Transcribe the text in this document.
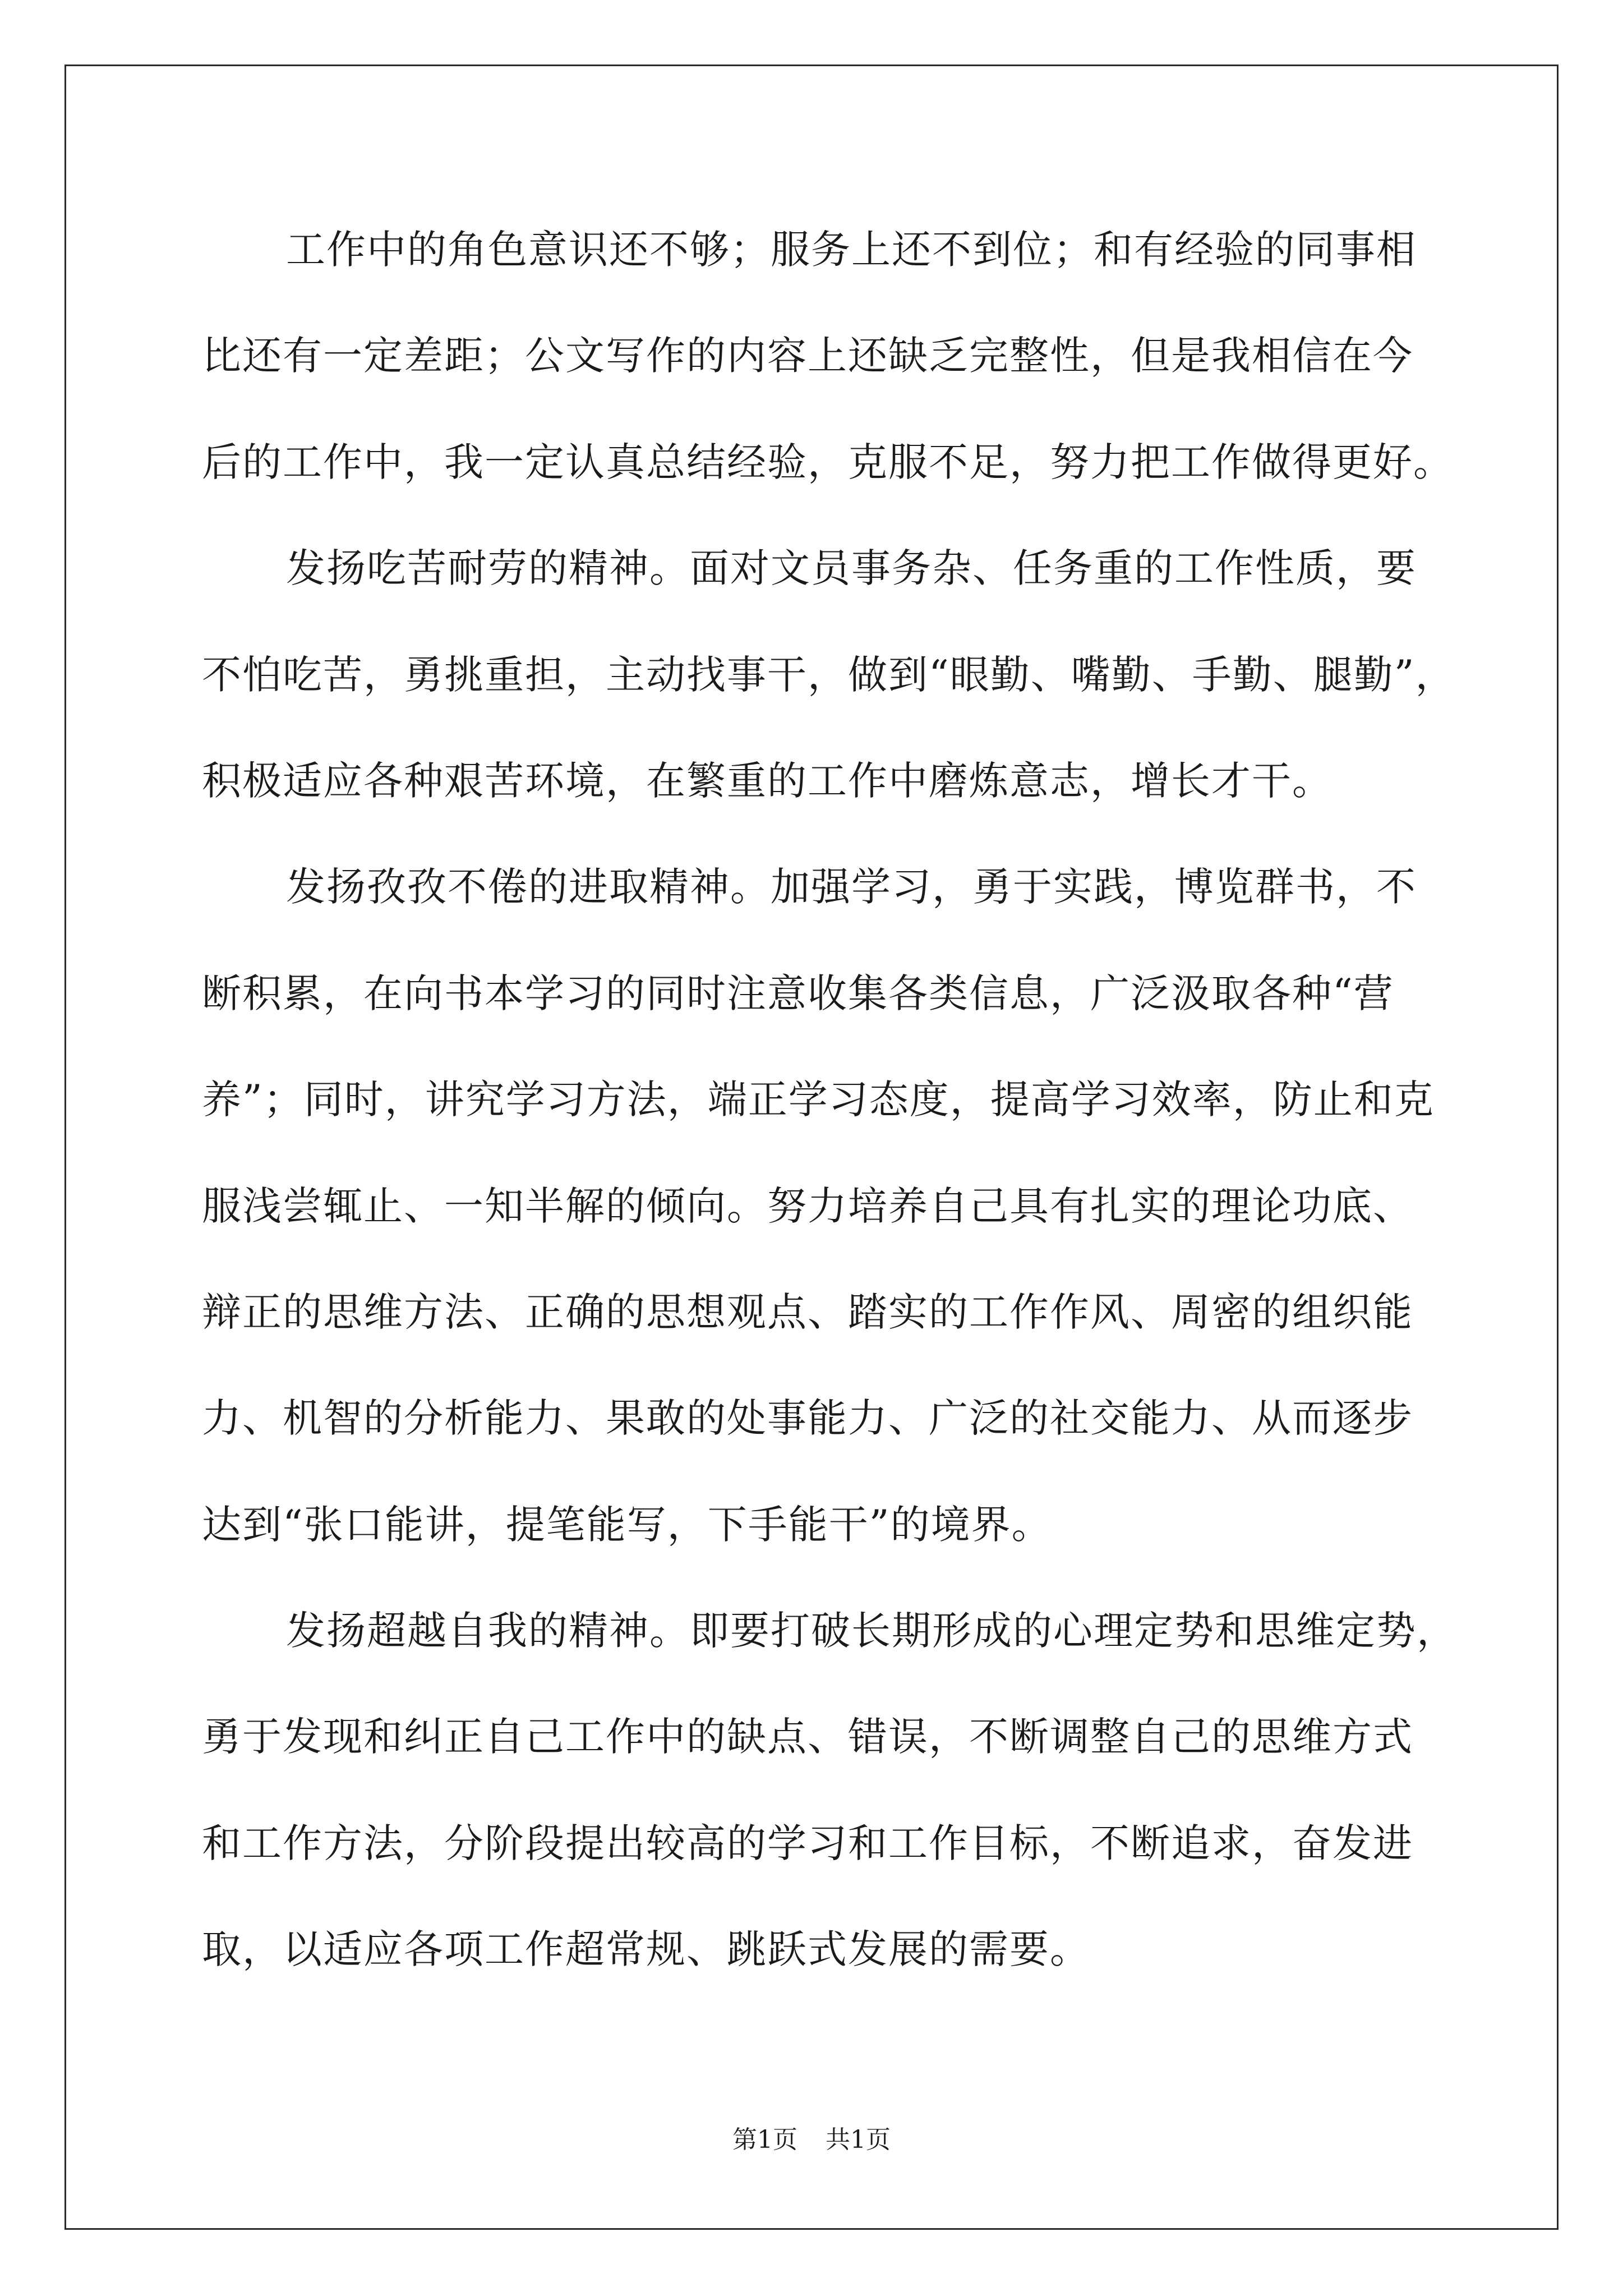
工作中的角色意识还不够；服务上还不到位；和有经验的同事相
比还有一定差距；公文写作的内容上还缺乏完整性，但是我相信在今
后的工作中，我一定认真总结经验，克服不足，努力把工作做得更好。
发扬吃苦耐劳的精神。面对文员事务杂、任务重的工作性质，要
不怕吃苦，勇挑重担，主动找事干，做到“眼勤、嘴勤、手勤、腿勤”，
积极适应各种艰苦环境，在繁重的工作中磨炼意志，增长才干。
发扬孜孜不倦的进取精神。加强学习，勇于实践，博览群书，不
断积累，在向书本学习的同时注意收集各类信息，广泛汲取各种“营
养”；同时，讲究学习方法，端正学习态度，提高学习效率，防止和克
服浅尝辄止、一知半解的倾向。努力培养自己具有扎实的理论功底、
辩正的思维方法、正确的思想观点、踏实的工作作风、周密的组织能
力、机智的分析能力、果敢的处事能力、广泛的社交能力、从而逐步
达到“张口能讲，提笔能写，下手能干”的境界。
发扬超越自我的精神。即要打破长期形成的心理定势和思维定势，
勇于发现和纠正自己工作中的缺点、错误，不断调整自己的思维方式
和工作方法，分阶段提出较高的学习和工作目标，不断追求，奋发进
取，以适应各项工作超常规、跳跃式发展的需要。
第1页 共1页
